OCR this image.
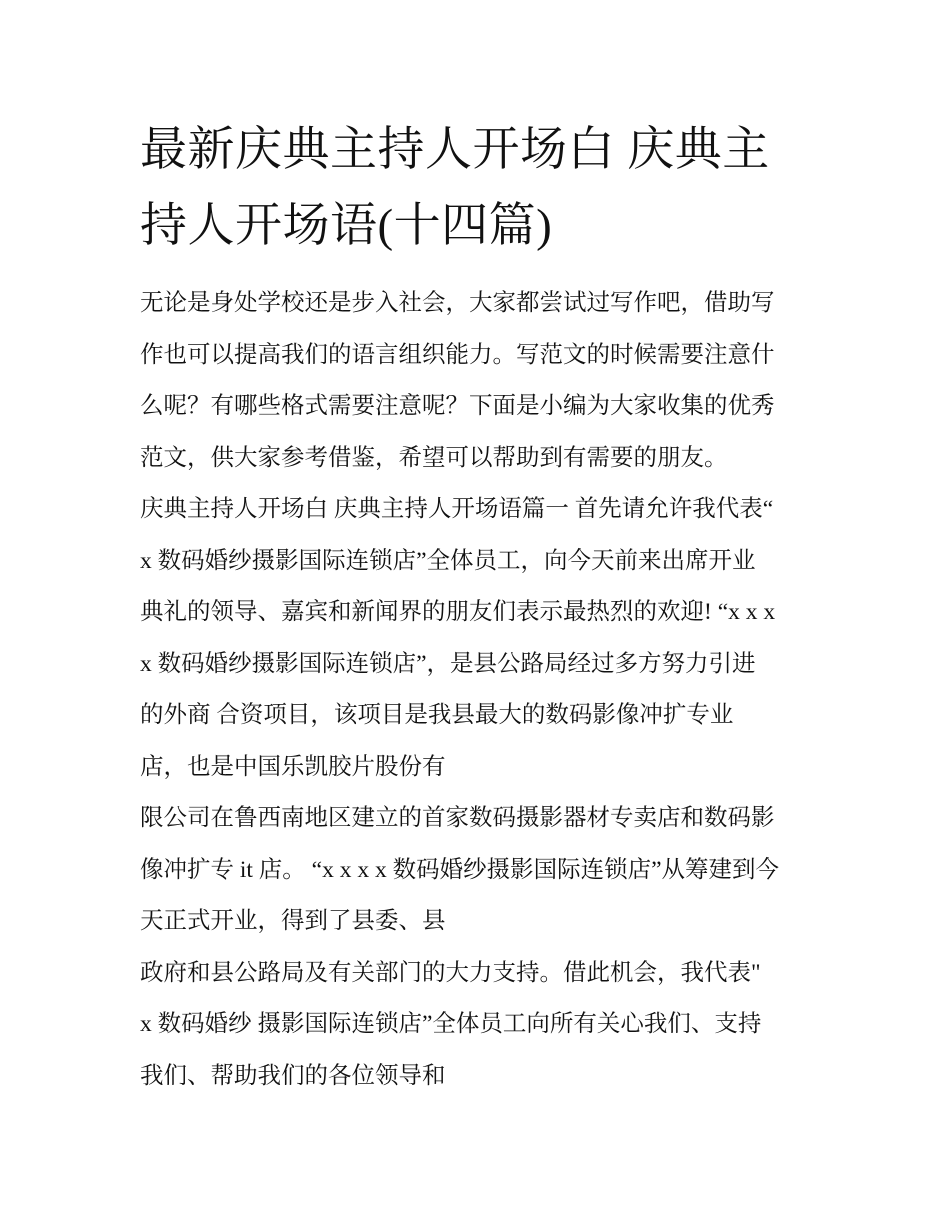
最新庆典主持人开场白 庆典主
持人开场语(十四篇)
无论是身处学校还是步入社会，大家都尝试过写作吧，借助写
作也可以提高我们的语言组织能力。写范文的时候需要注意什
么呢？有哪些格式需要注意呢？下面是小编为大家收集的优秀
范文，供大家参考借鉴，希望可以帮助到有需要的朋友。
庆典主持人开场白 庆典主持人开场语篇一 首先请允许我代表“
x 数码婚纱摄影国际连锁店”全体员工，向今天前来出席开业
典礼的领导、嘉宾和新闻界的朋友们表示最热烈的欢迎! “x x x
x 数码婚纱摄影国际连锁店”，是县公路局经过多方努力引进
的外商 合资项目，该项目是我县最大的数码影像冲扩专业
店，也是中国乐凯胶片股份有
限公司在鲁西南地区建立的首家数码摄影器材专卖店和数码影
像冲扩专 it 店。 “x x x x 数码婚纱摄影国际连锁店”从筹建到今
天正式开业，得到了县委、县
政府和县公路局及有关部门的大力支持。借此机会，我代表"
x 数码婚纱 摄影国际连锁店”全体员工向所有关心我们、支持
我们、帮助我们的各位领导和
